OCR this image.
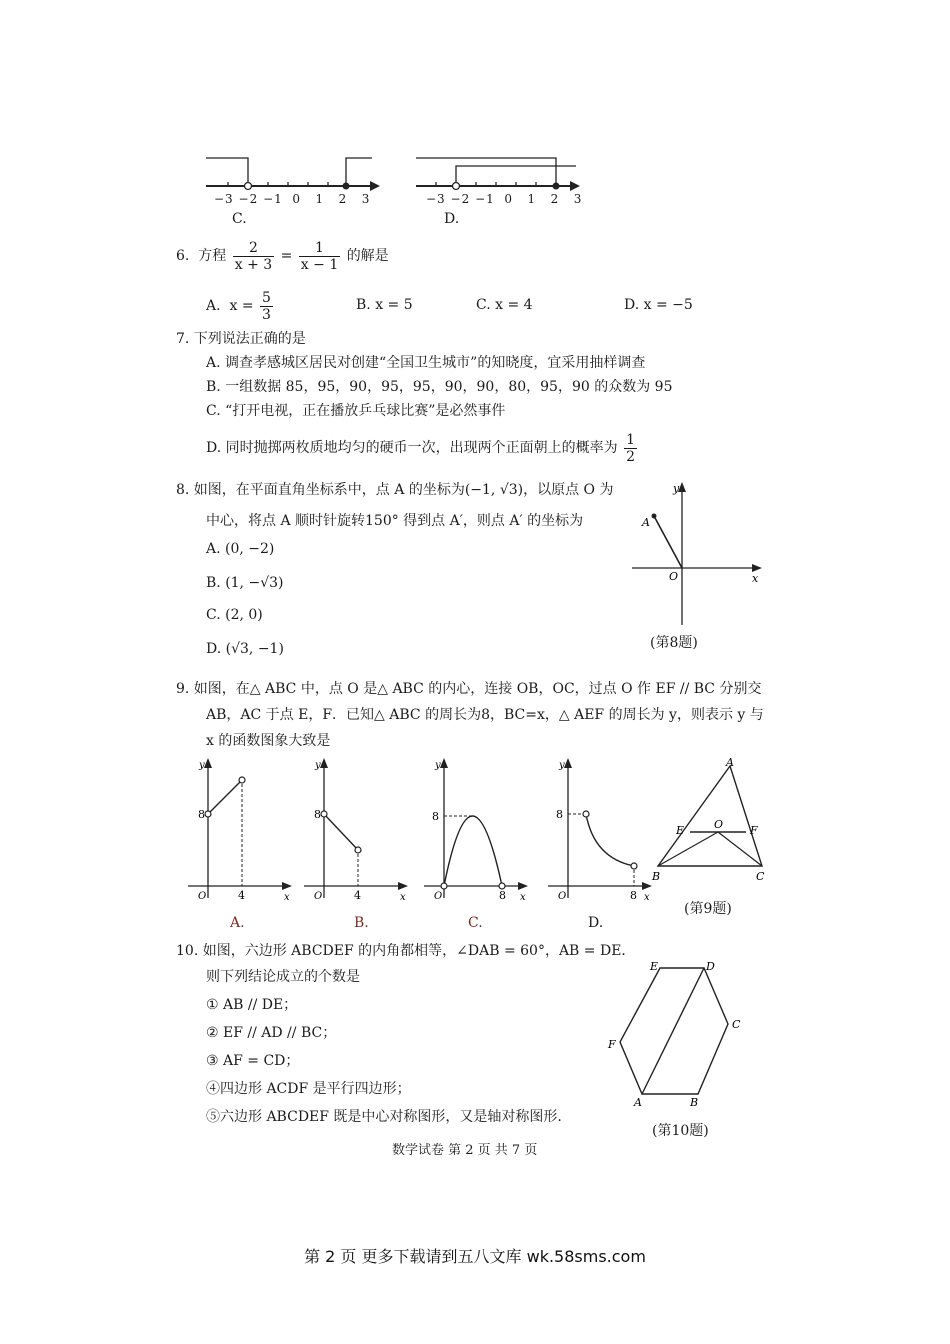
−3 −2 −1 0 1 2 3
C.
−3 −2 −1 0 1 2 3
D.
6. 方程 $\frac{2}{x + 3} = \frac{1}{x - 1}$ 的解是
A. $x = \frac{5}{3}$	B. x = 5	C. x = 4	D. x = −5
7. 下列说法正确的是
A. 调查孝感城区居民对创建“全国卫生城市”的知晓度，宜采用抽样调查
B. 一组数据 85，95，90，95，95，90，90，80，95，90 的众数为 95
C. “打开电视，正在播放乒乓球比赛”是必然事件
D. 同时抛掷两枚质地均匀的硬币一次，出现两个正面朝上的概率为 $\frac{1}{2}$
8. 如图，在平面直角坐标系中，点 A 的坐标为(−1, √3)，以原点 O 为
中心，将点 A 顺时针旋转150° 得到点 A′，则点 A′ 的坐标为
A. (0, −2)
B. (1, −√3)
C. (2, 0)
D. (√3, −1)
y
x
O
A
(第8题)
9. 如图，在△ ABC 中，点 O 是△ ABC 的内心，连接 OB，OC，过点 O 作 EF // BC 分别交
AB，AC 于点 E，F．已知△ ABC 的周长为8，BC=x，△ AEF 的周长为 y，则表示 y 与
x 的函数图象大致是
y
x
O
8
4
A.
y
x
O
8
4
B.
y
x
O
8
8
C.
y
x
O
8
8
D.
A
B	C
E	F
O
(第9题)
10. 如图，六边形 ABCDEF 的内角都相等，∠DAB = 60°，AB = DE．
则下列结论成立的个数是
① AB // DE；
② EF // AD // BC；
③ AF = CD；
④四边形 ACDF 是平行四边形；
⑤六边形 ABCDEF 既是中心对称图形，又是轴对称图形.
E	D
C
B
A
F
(第10题)
数学试卷 第 2 页 共 7 页
第 2 页 更多下载请到五八文库 wk.58sms.com
